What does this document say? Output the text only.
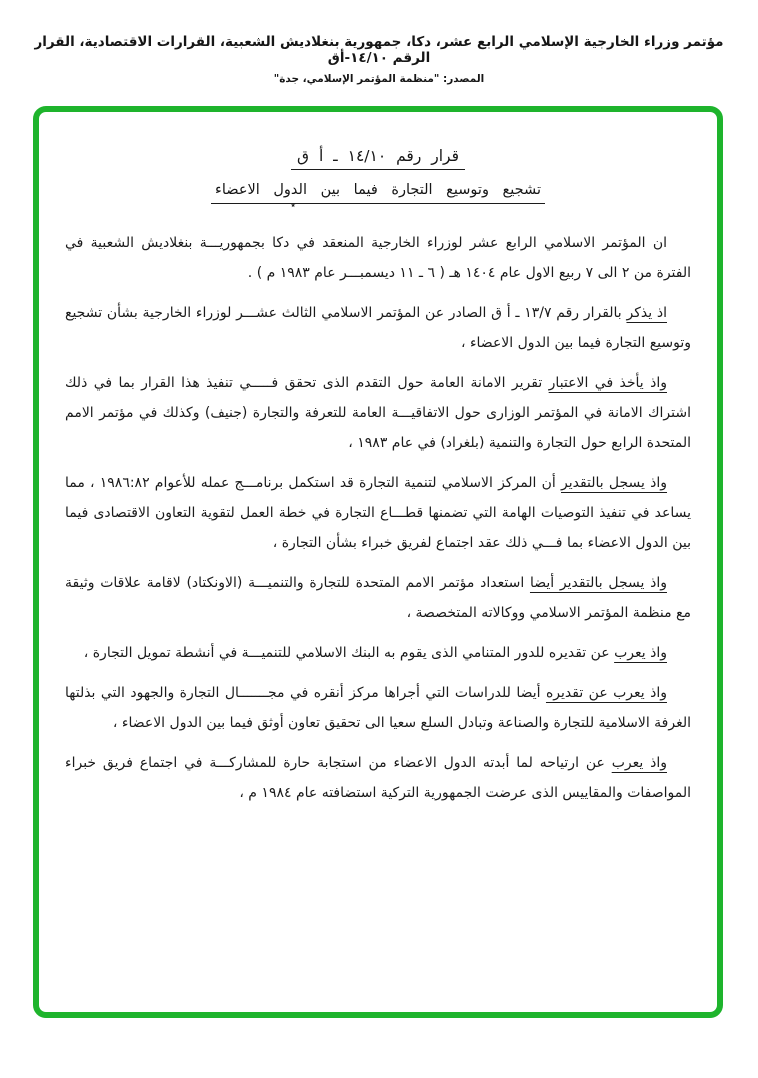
مؤتمر وزراء الخارجية الإسلامي الرابع عشر، دكا، جمهورية بنغلاديش الشعبية، القرارات الاقتصادية، القرار الرقم ١٤/١٠-أق
المصدر: "منظمة المؤتمر الإسلامي، جدة"
قرار رقم ١٤/١٠ ـ أ ق
تشجيع وتوسيع التجارة فيما بين الدول الاعضاء
٭

ان المؤتمر الاسلامي الرابع عشر لوزراء الخارجية المنعقد في دكا بجمهوريـــة بنغلاديش الشعبية في الفترة من ٢ الى ٧ ربيع الاول عام ١٤٠٤ هـ ( ٦ ـ ١١ ديسمبـــر عام ١٩٨٣ م ) .

اذ يذكر بالقرار رقم ١٣/٧ ـ أ ق الصادر عن المؤتمر الاسلامي الثالث عشـــر لوزراء الخارجية بشأن تشجيع وتوسيع التجارة فيما بين الدول الاعضاء ،

واذ يأخذ في الاعتبار تقرير الامانة العامة حول التقدم الذى تحقق فـــــي تنفيذ هذا القرار بما في ذلك اشتراك الامانة في المؤتمر الوزارى حول الاتفاقيـــة العامة للتعرفة والتجارة (جنيف) وكذلك في مؤتمر الامم المتحدة الرابع حول التجارة والتنمية (بلغراد) في عام ١٩٨٣ ،

واذ يسجل بالتقدير أن المركز الاسلامي لتنمية التجارة قد استكمل برنامـــج عمله للأعوام ١٩٨٦:٨٢ ، مما يساعد في تنفيذ التوصيات الهامة التي تضمنها قطـــاع التجارة في خطة العمل لتقوية التعاون الاقتصادى فيما بين الدول الاعضاء بما فـــي ذلك عقد اجتماع لفريق خبراء بشأن التجارة ،

واذ يسجل بالتقدير أيضا استعداد مؤتمر الامم المتحدة للتجارة والتنميـــة (الاونكتاد) لاقامة علاقات وثيقة مع منظمة المؤتمر الاسلامي ووكالاته المتخصصة ،

واذ يعرب عن تقديره للدور المتنامي الذى يقوم به البنك الاسلامي للتنميـــة في أنشطة تمويل التجارة ،

واذ يعرب عن تقديره أيضا للدراسات التي أجراها مركز أنقره في مجـــــــال التجارة والجهود التي بذلتها الغرفة الاسلامية للتجارة والصناعة وتبادل السلع سعيا الى تحقيق تعاون أوثق فيما بين الدول الاعضاء ،

واذ يعرب عن ارتياحه لما أبدته الدول الاعضاء من استجابة حارة للمشاركـــة في اجتماع فريق خبراء المواصفات والمقاييس الذى عرضت الجمهورية التركية استضافته عام ١٩٨٤ م ،
